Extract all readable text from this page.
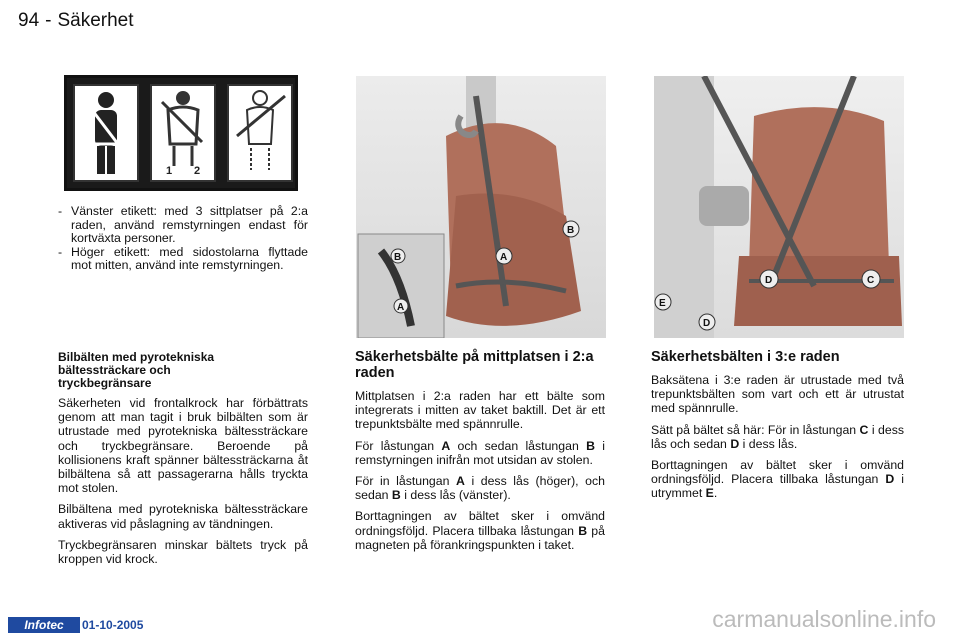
94 - Säkerhet
1 2
- Vänster etikett: med 3 sittplatser på 2:a raden, använd remstyrningen endast för kortväxta personer.
- Höger etikett: med sidostolarna flyttade mot mitten, använd inte remstyrningen.
Bilbälten med pyrotekniska bältessträckare och tryckbegränsare

Säkerheten vid frontalkrock har förbättrats genom att man tagit i bruk bilbälten som är utrustade med pyrotekniska bältessträckare och tryckbegränsare. Beroende på kollisionens kraft spänner bältessträckarna åt bilbältena så att passagerarna hålls tryckta mot stolen.

Bilbältena med pyrotekniska bältessträckare aktiveras vid påslagning av tändningen.

Tryckbegränsaren minskar bältets tryck på kroppen vid krock.

A
B
B
A
Säkerhetsbälte på mittplatsen i 2:a raden

Mittplatsen i 2:a raden har ett bälte som integrerats i mitten av taket baktill. Det är ett trepunktsbälte med spännrulle.

För låstungan A och sedan låstungan B i remstyrningen inifrån mot utsidan av stolen.

För in låstungan A i dess lås (höger), och sedan B i dess lås (vänster).

Borttagningen av bältet sker i omvänd ordningsföljd. Placera tillbaka låstungan B på magneten på förankringspunkten i taket.

D	C
E
D
Säkerhetsbälten i 3:e raden

Baksätena i 3:e raden är utrustade med två trepunktsbälten som vart och ett är utrustat med spännrulle.

Sätt på bältet så här: För in låstungan C i dess lås och sedan D i dess lås.

Borttagningen av bältet sker i omvänd ordningsföljd. Placera tillbaka låstungan D i utrymmet E.

Infotec	01-10-2005	carmanualsonline.info
